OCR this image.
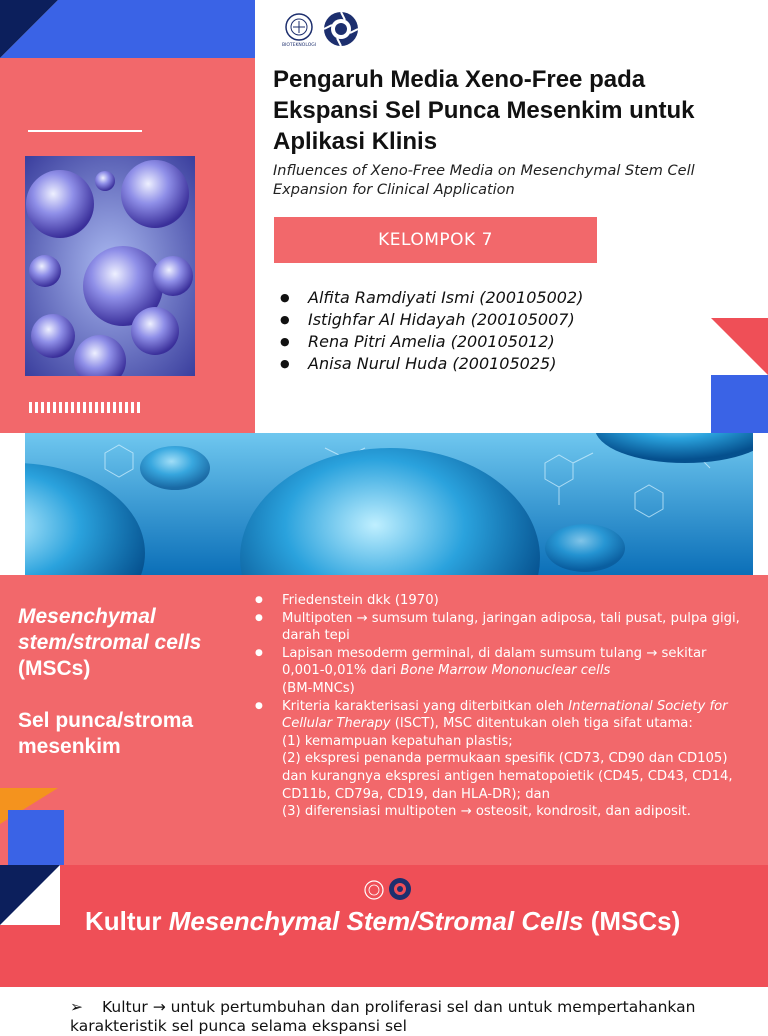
BIOTEKNOLOGI
Pengaruh Media Xeno-Free pada Ekspansi Sel Punca Mesenkim untuk Aplikasi Klinis

Influences of Xeno-Free Media on Mesenchymal Stem Cell Expansion for Clinical Application

KELOMPOK 7
● Alfita Ramdiyati Ismi (200105002)
● Istighfar Al Hidayah (200105007)
● Rena Pitri Amelia (200105012)
● Anisa Nurul Huda (200105025)
Mesenchymal stem/stromal cells
(MSCs)
Sel punca/stroma mesenkim
● Friedenstein dkk (1970)
● Multipoten → sumsum tulang, jaringan adiposa, tali pusat, pulpa gigi, darah tepi
● Lapisan mesoderm germinal, di dalam sumsum tulang → sekitar 0,001-0,01% dari Bone Marrow Mononuclear cells
(BM-MNCs)
● Kriteria karakterisasi yang diterbitkan oleh International Society for Cellular Therapy (ISCT), MSC ditentukan oleh tiga sifat utama:
(1) kemampuan kepatuhan plastis;
(2) ekspresi penanda permukaan spesifik (CD73, CD90 dan CD105) dan kurangnya ekspresi antigen hematopoietik (CD45, CD43, CD14, CD11b, CD79a, CD19, dan HLA-DR); dan
(3) diferensiasi multipoten → osteosit, kondrosit, dan adiposit.
Kultur Mesenchymal Stem/Stromal Cells (MSCs)

➢ Kultur → untuk pertumbuhan dan proliferasi sel dan untuk mempertahankan karakteristik sel punca selama ekspansi sel
